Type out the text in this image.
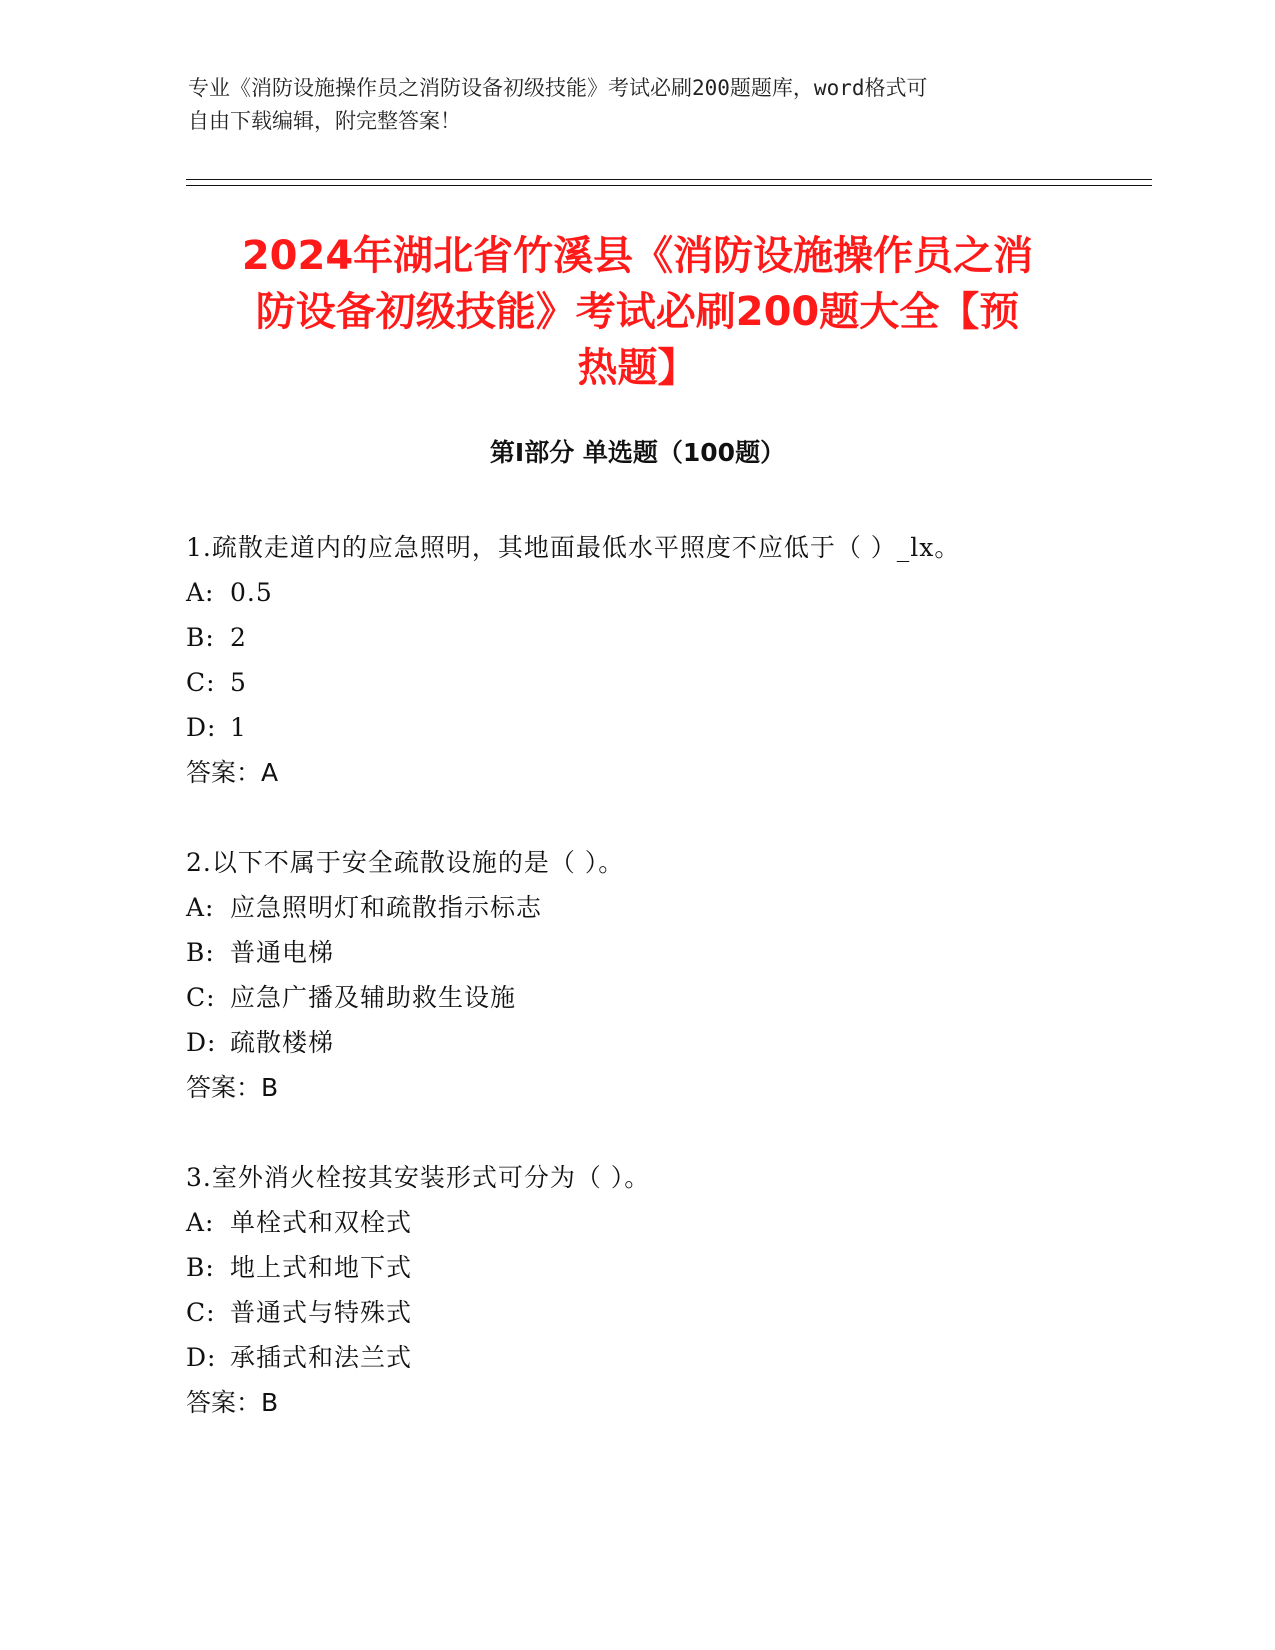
专业《消防设施操作员之消防设备初级技能》考试必刷200题题库，word格式可
自由下载编辑，附完整答案！
2024年湖北省竹溪县《消防设施操作员之消
防设备初级技能》考试必刷200题大全【预
热题】
第I部分 单选题（100题）
1.疏散走道内的应急照明，其地面最低水平照度不应低于（ ）_lx。
A: 0.5
B: 2
C: 5
D: 1
答案：A
2.以下不属于安全疏散设施的是（ ）。
A: 应急照明灯和疏散指示标志
B: 普通电梯
C: 应急广播及辅助救生设施
D: 疏散楼梯
答案：B
3.室外消火栓按其安装形式可分为（ ）。
A: 单栓式和双栓式
B: 地上式和地下式
C: 普通式与特殊式
D: 承插式和法兰式
答案：B
